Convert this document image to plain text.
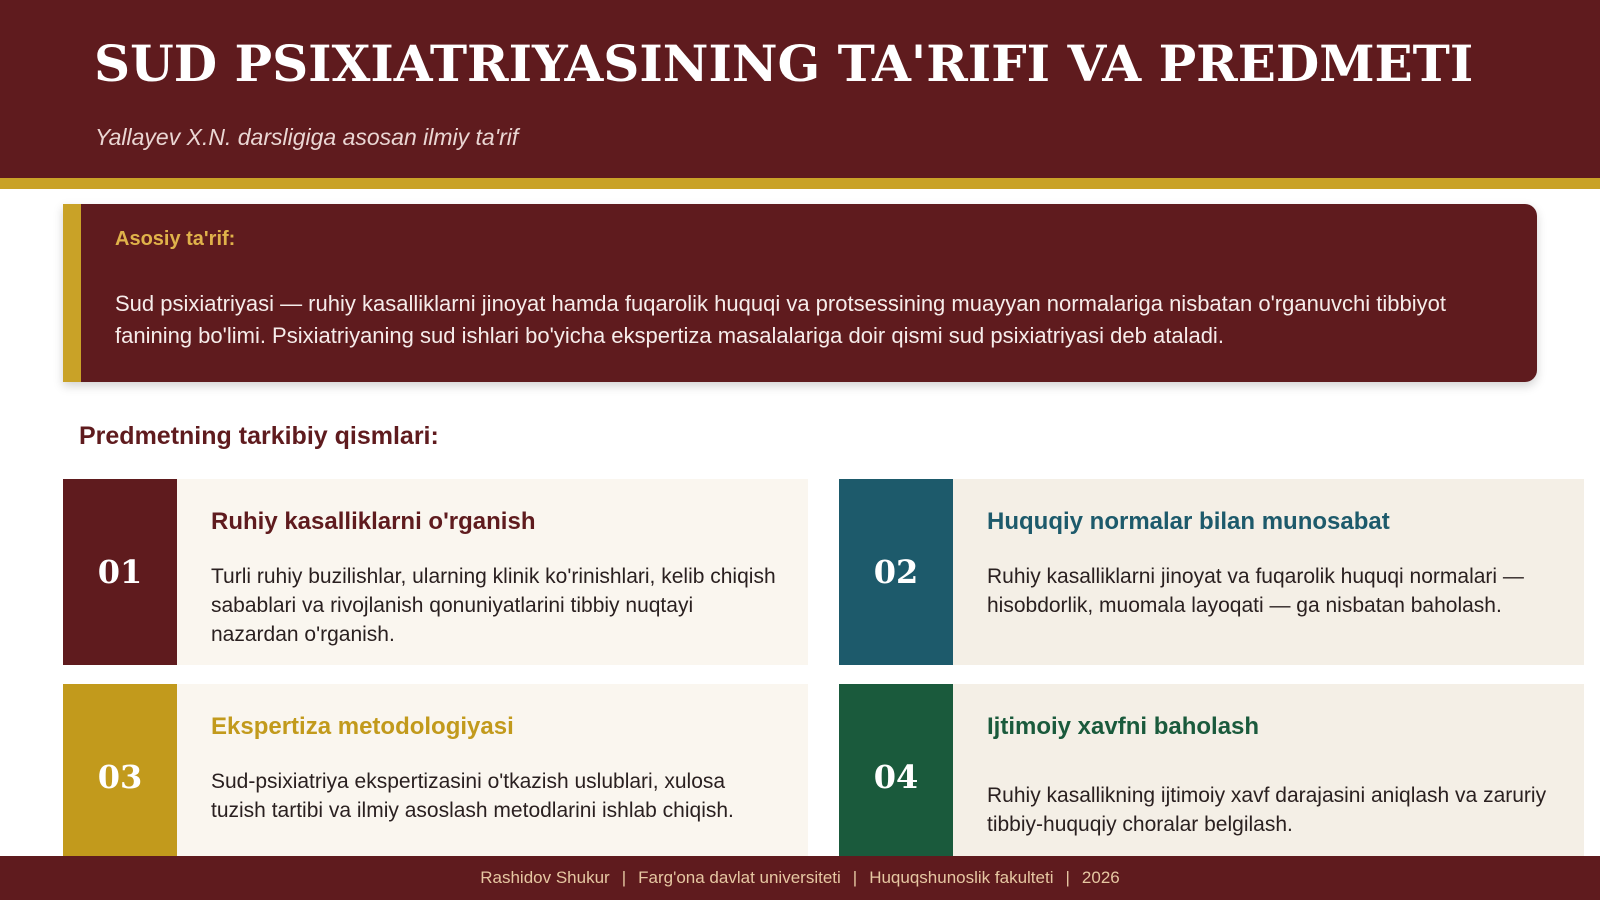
SUD PSIXIATRIYASINING TA'RIFI VA PREDMETI
Yallayev X.N. darsligiga asosan ilmiy ta'rif
Asosiy ta'rif:
Sud psixiatriyasi — ruhiy kasalliklarni jinoyat hamda fuqarolik huquqi va protsessining muayyan normalariga nisbatan o'rganuvchi tibbiyot fanining bo'limi. Psixiatriyaning sud ishlari bo'yicha ekspertiza masalalariga doir qismi sud psixiatriyasi deb ataladi.
Predmetning tarkibiy qismlari:
01
Ruhiy kasalliklarni o'rganish
Turli ruhiy buzilishlar, ularning klinik ko'rinishlari, kelib chiqish sabablari va rivojlanish qonuniyatlarini tibbiy nuqtayi nazardan o'rganish.
02
Huquqiy normalar bilan munosabat
Ruhiy kasalliklarni jinoyat va fuqarolik huquqi normalari — hisobdorlik, muomala layoqati — ga nisbatan baholash.
03
Ekspertiza metodologiyasi
Sud-psixiatriya ekspertizasini o'tkazish uslublari, xulosa tuzish tartibi va ilmiy asoslash metodlarini ishlab chiqish.
04
Ijtimoiy xavfni baholash
Ruhiy kasallikning ijtimoiy xavf darajasini aniqlash va zaruriy tibbiy-huquqiy choralar belgilash.
Rashidov Shukur | Farg'ona davlat universiteti | Huquqshunoslik fakulteti | 2026
